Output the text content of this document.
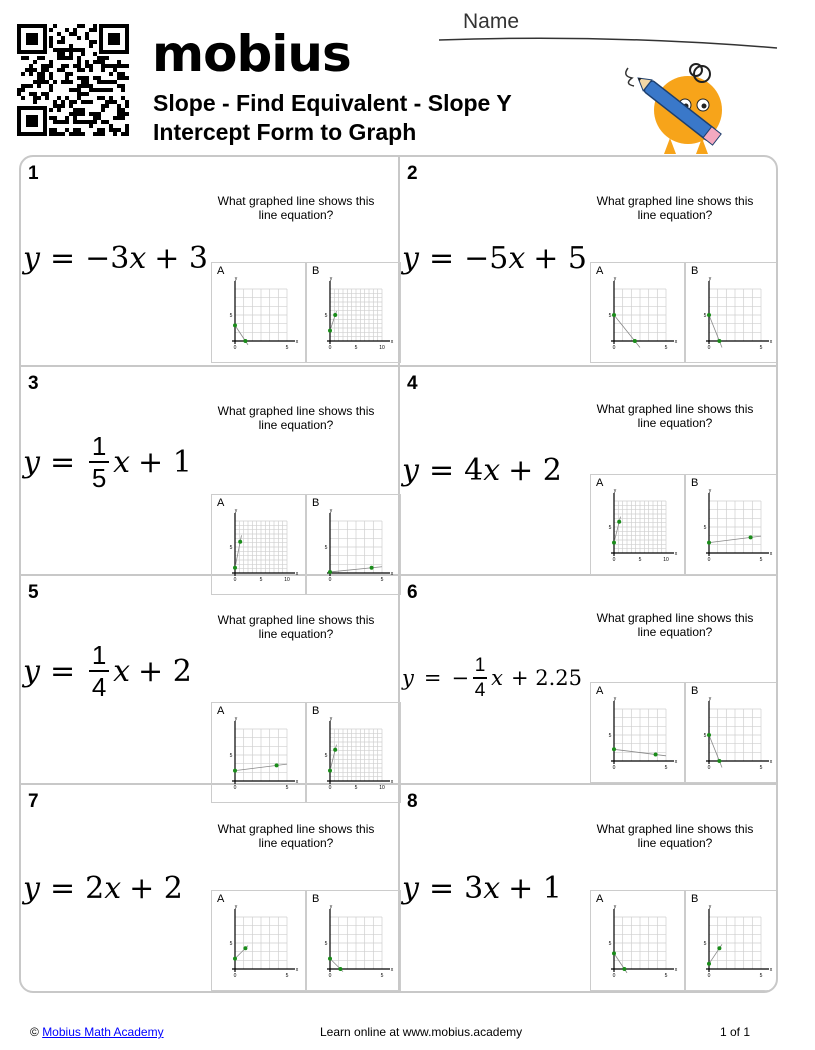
mobius
Slope - Find Equivalent - Slope Y Intercept Form to Graph
Name
1
What graphed line shows this line equation?
y = −3 x + 3 A
y
x
5
0	5
B
y
x
5
0	5	10
2
What graphed line shows this line equation?
y = −5 x + 5 A
y
x
5
0	5
B
y
x
5
0	5
3
What graphed line shows this line equation?
$y = \frac{1}{5}$ x + 1
A
y
x
5
0	5	10
B
y
x
5
0	5
4
What graphed line shows this line equation?
y = 4 x + 2	A
y
x
5
0	5	10
B
y
x
5
0	5
5
What graphed line shows this line equation?
$y = \frac{1}{4}$ x + 2
A
y
x
5
0	5
B
y
x
5
0	5	10
6
What graphed line shows this line equation?
y = − $\frac{1}{4}$ x + 2.25
A
y
x
5
0	5
B
y
x
5
0	5
7
What graphed line shows this line equation?
y = 2 x + 2	A
y
x
5
0	5
B
y
x
5
0	5
8
What graphed line shows this line equation?
y = 3 x + 1	A
y
x
5
0	5
B
y
x
5
0	5
© Mobius Math Academy	Learn online at www.mobius.academy	1 of 1
